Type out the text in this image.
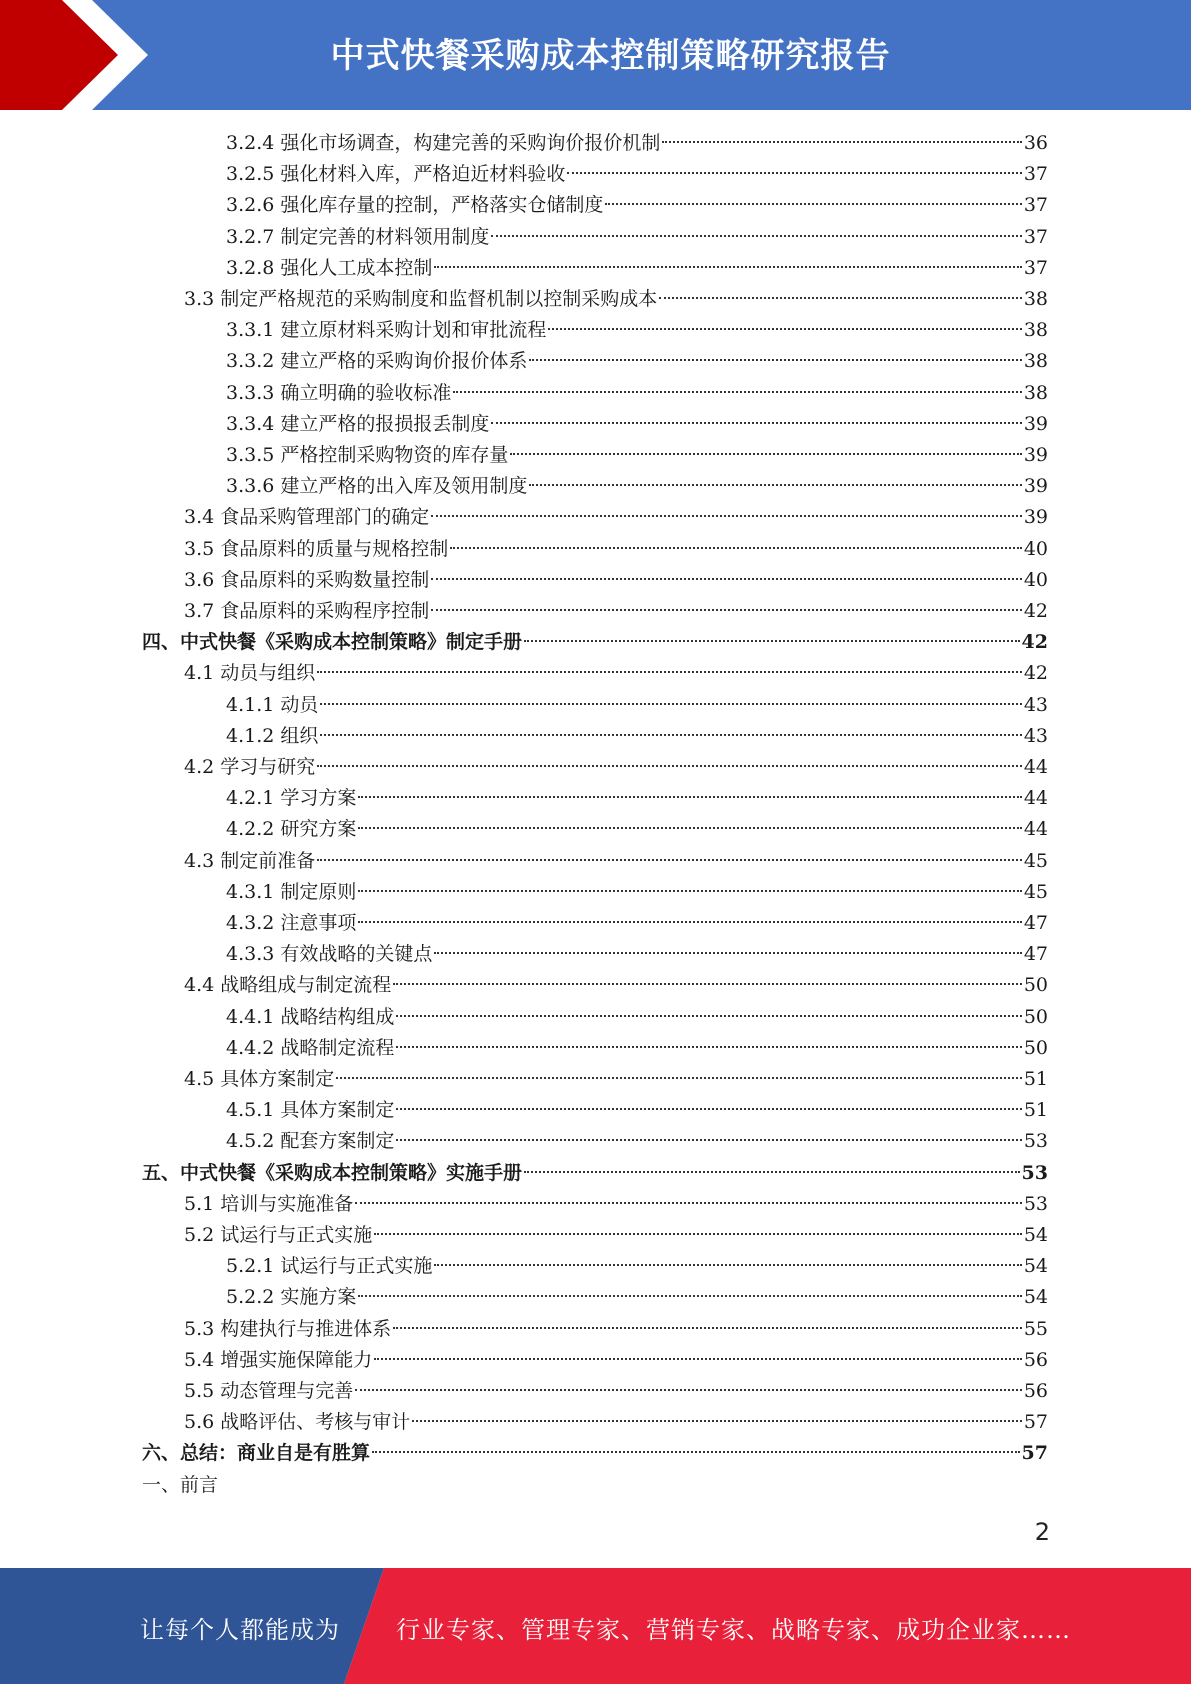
中式快餐采购成本控制策略研究报告
3.2.4 强化市场调查，构建完善的采购询价报价机制	36
3.2.5 强化材料入库，严格迫近材料验收	37
3.2.6 强化库存量的控制，严格落实仓储制度	37
3.2.7 制定完善的材料领用制度	37
3.2.8 强化人工成本控制	37
3.3 制定严格规范的采购制度和监督机制以控制采购成本	38
3.3.1 建立原材料采购计划和审批流程	38
3.3.2 建立严格的采购询价报价体系	38
3.3.3 确立明确的验收标准	38
3.3.4 建立严格的报损报丢制度	39
3.3.5 严格控制采购物资的库存量	39
3.3.6 建立严格的出入库及领用制度	39
3.4 食品采购管理部门的确定	39
3.5 食品原料的质量与规格控制	40
3.6 食品原料的采购数量控制	40
3.7 食品原料的采购程序控制	42
四、中式快餐《采购成本控制策略》制定手册	42
4.1 动员与组织	42
4.1.1 动员	43
4.1.2 组织	43
4.2 学习与研究	44
4.2.1 学习方案	44
4.2.2 研究方案	44
4.3 制定前准备	45
4.3.1 制定原则	45
4.3.2 注意事项	47
4.3.3 有效战略的关键点	47
4.4 战略组成与制定流程	50
4.4.1 战略结构组成	50
4.4.2 战略制定流程	50
4.5 具体方案制定	51
4.5.1 具体方案制定	51
4.5.2 配套方案制定	53
五、中式快餐《采购成本控制策略》实施手册	53
5.1 培训与实施准备	53
5.2 试运行与正式实施	54
5.2.1 试运行与正式实施	54
5.2.2 实施方案	54
5.3 构建执行与推进体系	55
5.4 增强实施保障能力	56
5.5 动态管理与完善	56
5.6 战略评估、考核与审计	57
六、总结：商业自是有胜算	57
一、前言
2
让每个人都能成为 行业专家、管理专家、营销专家、战略专家、成功企业家……
